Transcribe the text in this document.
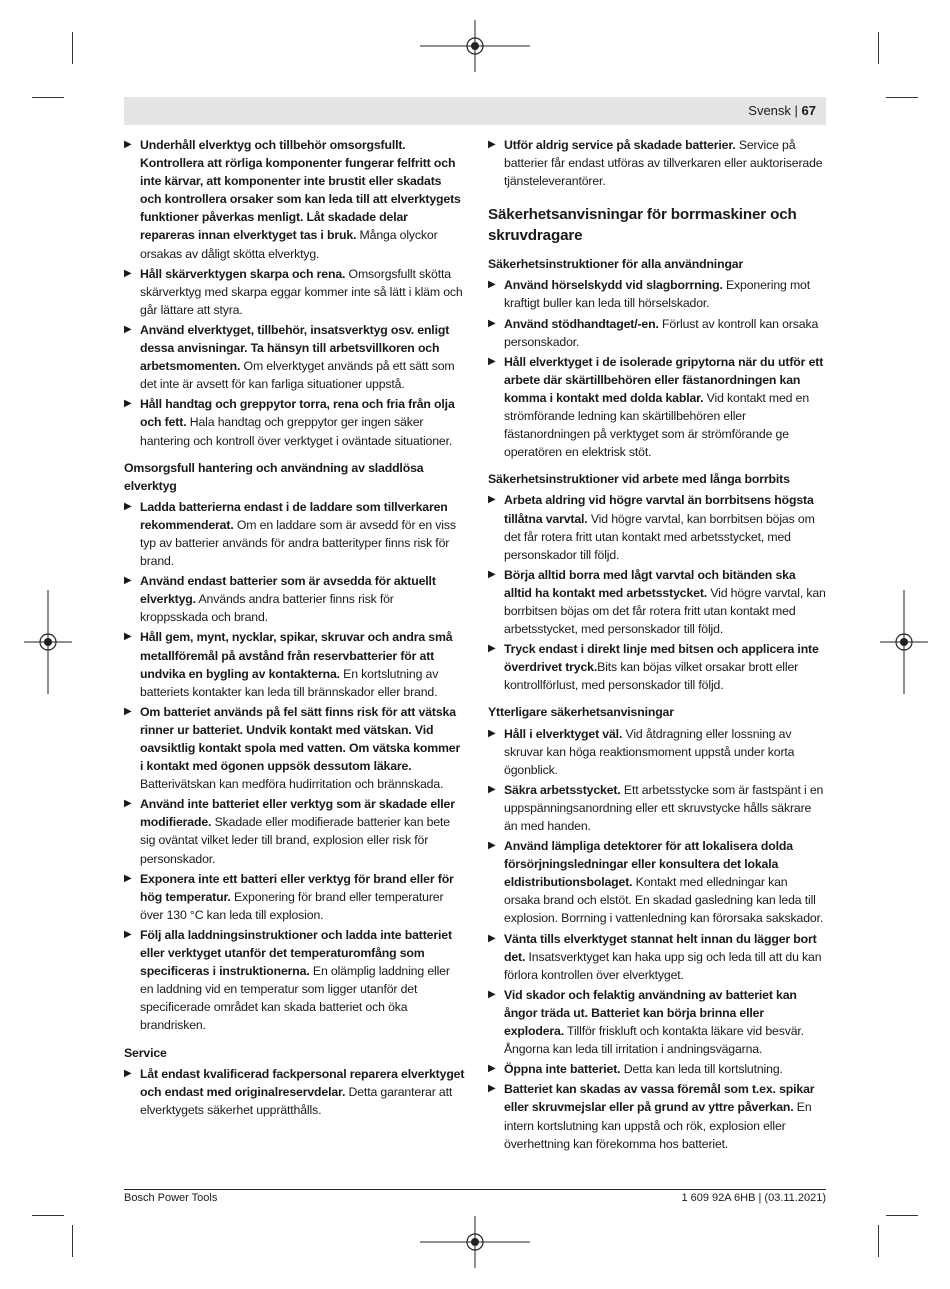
Svensk | 67
▶ Underhåll elverktyg och tillbehör omsorgsfullt. Kontrollera att rörliga komponenter fungerar felfritt och inte kärvar, att komponenter inte brustit eller skadats och kontrollera orsaker som kan leda till att elverktygets funktioner påverkas menligt. Låt skadade delar repareras innan elverktyget tas i bruk. Många olyckor orsakas av dåligt skötta elverktyg.
▶ Håll skärverktygen skarpa och rena. Omsorgsfullt skötta skärverktyg med skarpa eggar kommer inte så lätt i kläm och går lättare att styra.
▶ Använd elverktyget, tillbehör, insatsverktyg osv. enligt dessa anvisningar. Ta hänsyn till arbetsvillkoren och arbetsmomenten. Om elverktyget används på ett sätt som det inte är avsett för kan farliga situationer uppstå.
▶ Håll handtag och greppytor torra, rena och fria från olja och fett. Hala handtag och greppytor ger ingen säker hantering och kontroll över verktyget i oväntade situationer.
Omsorgsfull hantering och användning av sladdlösa elverktyg
▶ Ladda batterierna endast i de laddare som tillverkaren rekommenderat. Om en laddare som är avsedd för en viss typ av batterier används för andra batterityper finns risk för brand.
▶ Använd endast batterier som är avsedda för aktuellt elverktyg. Används andra batterier finns risk för kroppsskada och brand.
▶ Håll gem, mynt, nycklar, spikar, skruvar och andra små metallföremål på avstånd från reservbatterier för att undvika en bygling av kontakterna. En kortslutning av batteriets kontakter kan leda till brännskador eller brand.
▶ Om batteriet används på fel sätt finns risk för att vätska rinner ur batteriet. Undvik kontakt med vätskan. Vid oavsiktlig kontakt spola med vatten. Om vätska kommer i kontakt med ögonen uppsök dessutom läkare. Batterivätskan kan medföra hudirritation och brännskada.
▶ Använd inte batteriet eller verktyg som är skadade eller modifierade. Skadade eller modifierade batterier kan bete sig oväntat vilket leder till brand, explosion eller risk för personskador.
▶ Exponera inte ett batteri eller verktyg för brand eller för hög temperatur. Exponering för brand eller temperaturer över 130 °C kan leda till explosion.
▶ Följ alla laddningsinstruktioner och ladda inte batteriet eller verktyget utanför det temperaturomfång som specificeras i instruktionerna. En olämplig laddning eller en laddning vid en temperatur som ligger utanför det specificerade området kan skada batteriet och öka brandrisken.
Service
▶ Låt endast kvalificerad fackpersonal reparera elverktyget och endast med originalreservdelar. Detta garanterar att elverktygets säkerhet upprätthålls.
▶ Utför aldrig service på skadade batterier. Service på batterier får endast utföras av tillverkaren eller auktoriserade tjänsteleverantörer.
Säkerhetsanvisningar för borrmaskiner och skruvdragare
Säkerhetsinstruktioner för alla användningar
▶ Använd hörselskydd vid slagborrning. Exponering mot kraftigt buller kan leda till hörselskador.
▶ Använd stödhandtaget/-en. Förlust av kontroll kan orsaka personskador.
▶ Håll elverktyget i de isolerade gripytorna när du utför ett arbete där skärtillbehören eller fästanordningen kan komma i kontakt med dolda kablar. Vid kontakt med en strömförande ledning kan skärtillbehören eller fästanordningen på verktyget som är strömförande ge operatören en elektrisk stöt.
Säkerhetsinstruktioner vid arbete med långa borrbits
▶ Arbeta aldring vid högre varvtal än borrbitsens högsta tillåtna varvtal. Vid högre varvtal, kan borrbitsen böjas om det får rotera fritt utan kontakt med arbetsstycket, med personskador till följd.
▶ Börja alltid borra med lågt varvtal och bitänden ska alltid ha kontakt med arbetsstycket. Vid högre varvtal, kan borrbitsen böjas om det får rotera fritt utan kontakt med arbetsstycket, med personskador till följd.
▶ Tryck endast i direkt linje med bitsen och applicera inte överdrivet tryck.Bits kan böjas vilket orsakar brott eller kontrollförlust, med personskador till följd.
Ytterligare säkerhetsanvisningar
▶ Håll i elverktyget väl. Vid åtdragning eller lossning av skruvar kan höga reaktionsmoment uppstå under korta ögonblick.
▶ Säkra arbetsstycket. Ett arbetsstycke som är fastspänt i en uppspänningsanordning eller ett skruvstycke hålls säkrare än med handen.
▶ Använd lämpliga detektorer för att lokalisera dolda försörjningsledningar eller konsultera det lokala eldistributionsbolaget. Kontakt med elledningar kan orsaka brand och elstöt. En skadad gasledning kan leda till explosion. Borrning i vattenledning kan förorsaka sakskador.
▶ Vänta tills elverktyget stannat helt innan du lägger bort det. Insatsverktyget kan haka upp sig och leda till att du kan förlora kontrollen över elverktyget.
▶ Vid skador och felaktig användning av batteriet kan ångor träda ut. Batteriet kan börja brinna eller explodera. Tillför friskluft och kontakta läkare vid besvär. Ångorna kan leda till irritation i andningsvägarna.
▶ Öppna inte batteriet. Detta kan leda till kortslutning.
▶ Batteriet kan skadas av vassa föremål som t.ex. spikar eller skruvmejslar eller på grund av yttre påverkan. En intern kortslutning kan uppstå och rök, explosion eller överhettning kan förekomma hos batteriet.
Bosch Power Tools	1 609 92A 6HB | (03.11.2021)
